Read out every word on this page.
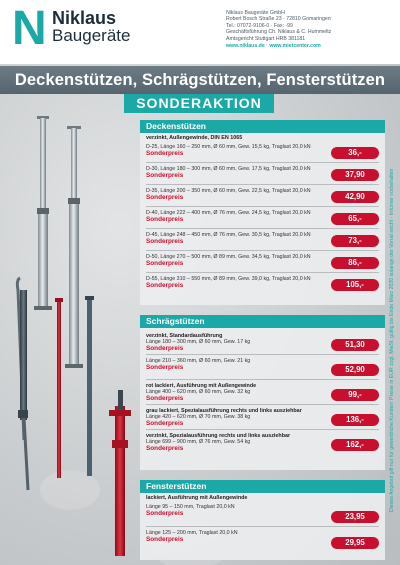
N Niklaus
Baugeräte
Niklaus Baugeräte GmbH
Robert Bosch Straße 23 · 72810 Gomaringen
Tel.: 07072-9106-0 · Fax: -99
Geschäftsführung Ch. Niklaus & C. Hummeltz
Amtsgericht Stuttgart HRB 381181
www.niklaus.de · www.mietcenter.com
Deckenstützen, Schrägstützen, Fensterstützen
SONDERAKTION
Deckenstützen
verzinkt, Außengewinde, DIN EN 1065
D-25, Länge 160 – 250 mm, Ø 60 mm, Gew. 15,5 kg, Traglast 20,0 kN
Sonderpreis	36,-
D-30, Länge 180 – 300 mm, Ø 60 mm, Gew. 17,5 kg, Traglast 20,0 kN
Sonderpreis	37,90
D-35, Länge 200 – 350 mm, Ø 60 mm, Gew. 22,5 kg, Traglast 20,0 kN
Sonderpreis	42,90
D-40, Länge 222 – 400 mm, Ø 76 mm, Gew. 24,5 kg, Traglast 20,0 kN
Sonderpreis	65,-
D-45, Länge 248 – 450 mm, Ø 76 mm, Gew. 30,5 kg, Traglast 20,0 kN
Sonderpreis	73,-
D-50, Länge 270 – 500 mm, Ø 89 mm, Gew. 34,5 kg, Traglast 20,0 kN
Sonderpreis	86,-
D-55, Länge 310 – 550 mm, Ø 89 mm, Gew. 39,0 kg, Traglast 20,0 kN
Sonderpreis	105,-
Schrägstützen
verzinkt, Standardausführung
Länge 180 – 300 mm, Ø 60 mm, Gew. 17 kg
Sonderpreis	51,30
Länge 210 – 360 mm, Ø 60 mm, Gew. 21 kg
Sonderpreis	52,90
rot lackiert, Ausführung mit Außengewinde
Länge 400 – 620 mm, Ø 60 mm, Gew. 32 kg
Sonderpreis	99,-
grau lackiert, Spezialausführung rechts und links ausziehbar
Länge 420 – 620 mm, Ø 70 mm, Gew. 38 kg
Sonderpreis	136,-
verzinkt, Spezialausführung rechts und links ausziehbar
Länge 699 – 900 mm, Ø 76 mm, Gew. 54 kg
Sonderpreis	162,-
Fensterstützen
lackiert, Ausführung mit Außengewinde
Länge 95 – 150 mm, Traglast 20,0 kN
Sonderpreis	23,95
Länge 125 – 200 mm, Traglast 20,0 kN
Sonderpreis	29,95
Dieses Angebot gilt nur für gewerbliche Kunden! Preise in EUR zzgl. MwSt. gültig bis Ende März 2020 solange der Vorrat reicht · Irrtümer vorbehalten
